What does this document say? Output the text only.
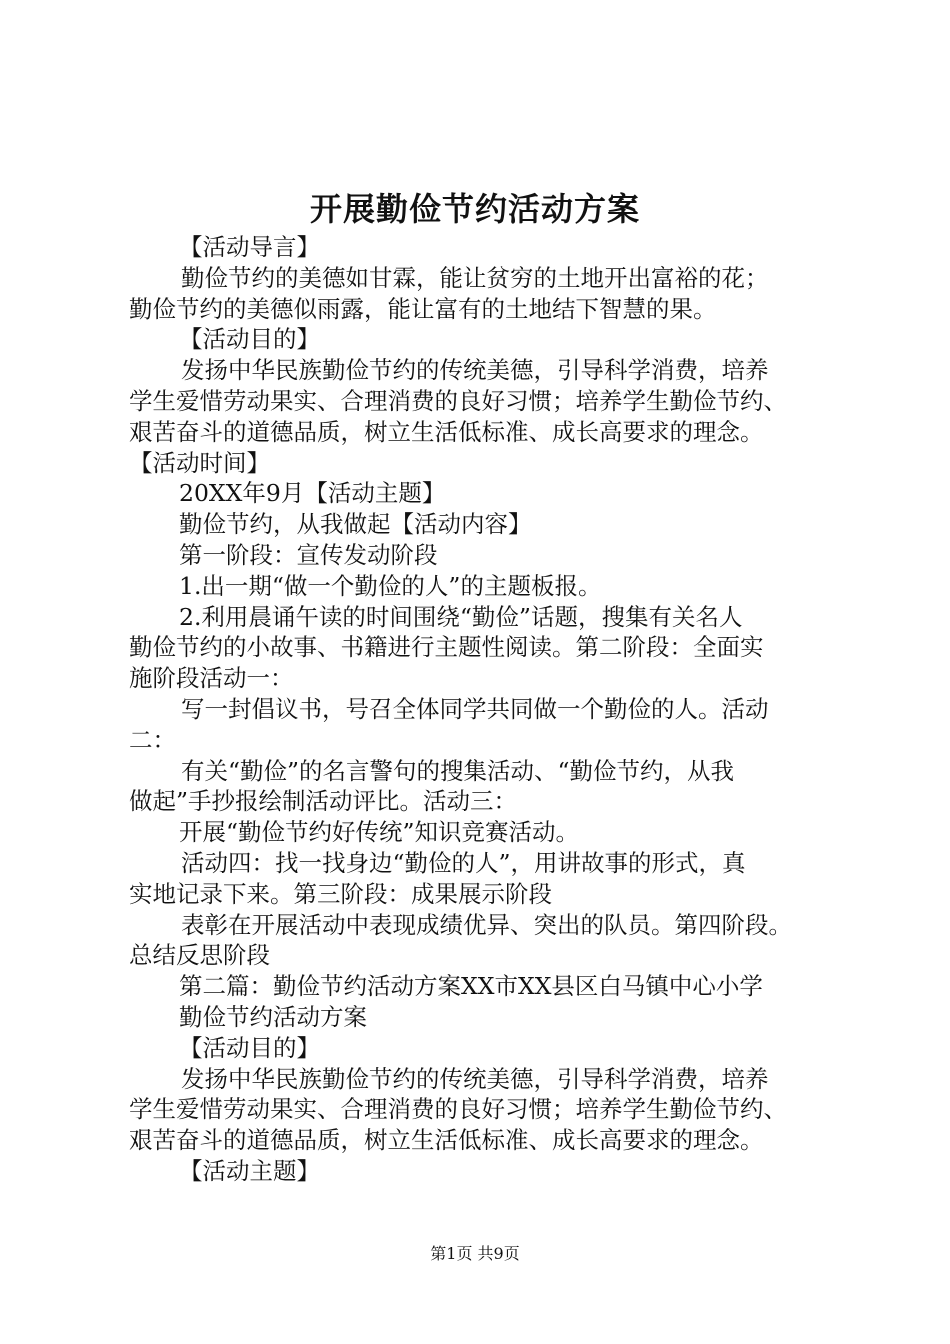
开展勤俭节约活动方案

【活动导言】

勤俭节约的美德如甘霖，能让贫穷的土地开出富裕的花；

勤俭节约的美德似雨露，能让富有的土地结下智慧的果。

【活动目的】

发扬中华民族勤俭节约的传统美德，引导科学消费，培养

学生爱惜劳动果实、合理消费的良好习惯；培养学生勤俭节约、

艰苦奋斗的道德品质，树立生活低标准、成长高要求的理念。

【活动时间】

20XX年9月【活动主题】

勤俭节约，从我做起【活动内容】

第一阶段：宣传发动阶段

1.出一期“做一个勤俭的人”的主题板报。

2.利用晨诵午读的时间围绕“勤俭”话题，搜集有关名人

勤俭节约的小故事、书籍进行主题性阅读。第二阶段：全面实

施阶段活动一：

写一封倡议书，号召全体同学共同做一个勤俭的人。活动

二：

有关“勤俭”的名言警句的搜集活动、“勤俭节约，从我

做起”手抄报绘制活动评比。活动三：

开展“勤俭节约好传统”知识竞赛活动。

活动四：找一找身边“勤俭的人”，用讲故事的形式，真

实地记录下来。第三阶段：成果展示阶段

表彰在开展活动中表现成绩优异、突出的队员。第四阶段。

总结反思阶段

第二篇：勤俭节约活动方案XX市XX县区白马镇中心小学

勤俭节约活动方案

【活动目的】

发扬中华民族勤俭节约的传统美德，引导科学消费，培养

学生爱惜劳动果实、合理消费的良好习惯；培养学生勤俭节约、

艰苦奋斗的道德品质，树立生活低标准、成长高要求的理念。

【活动主题】

第1页 共9页
